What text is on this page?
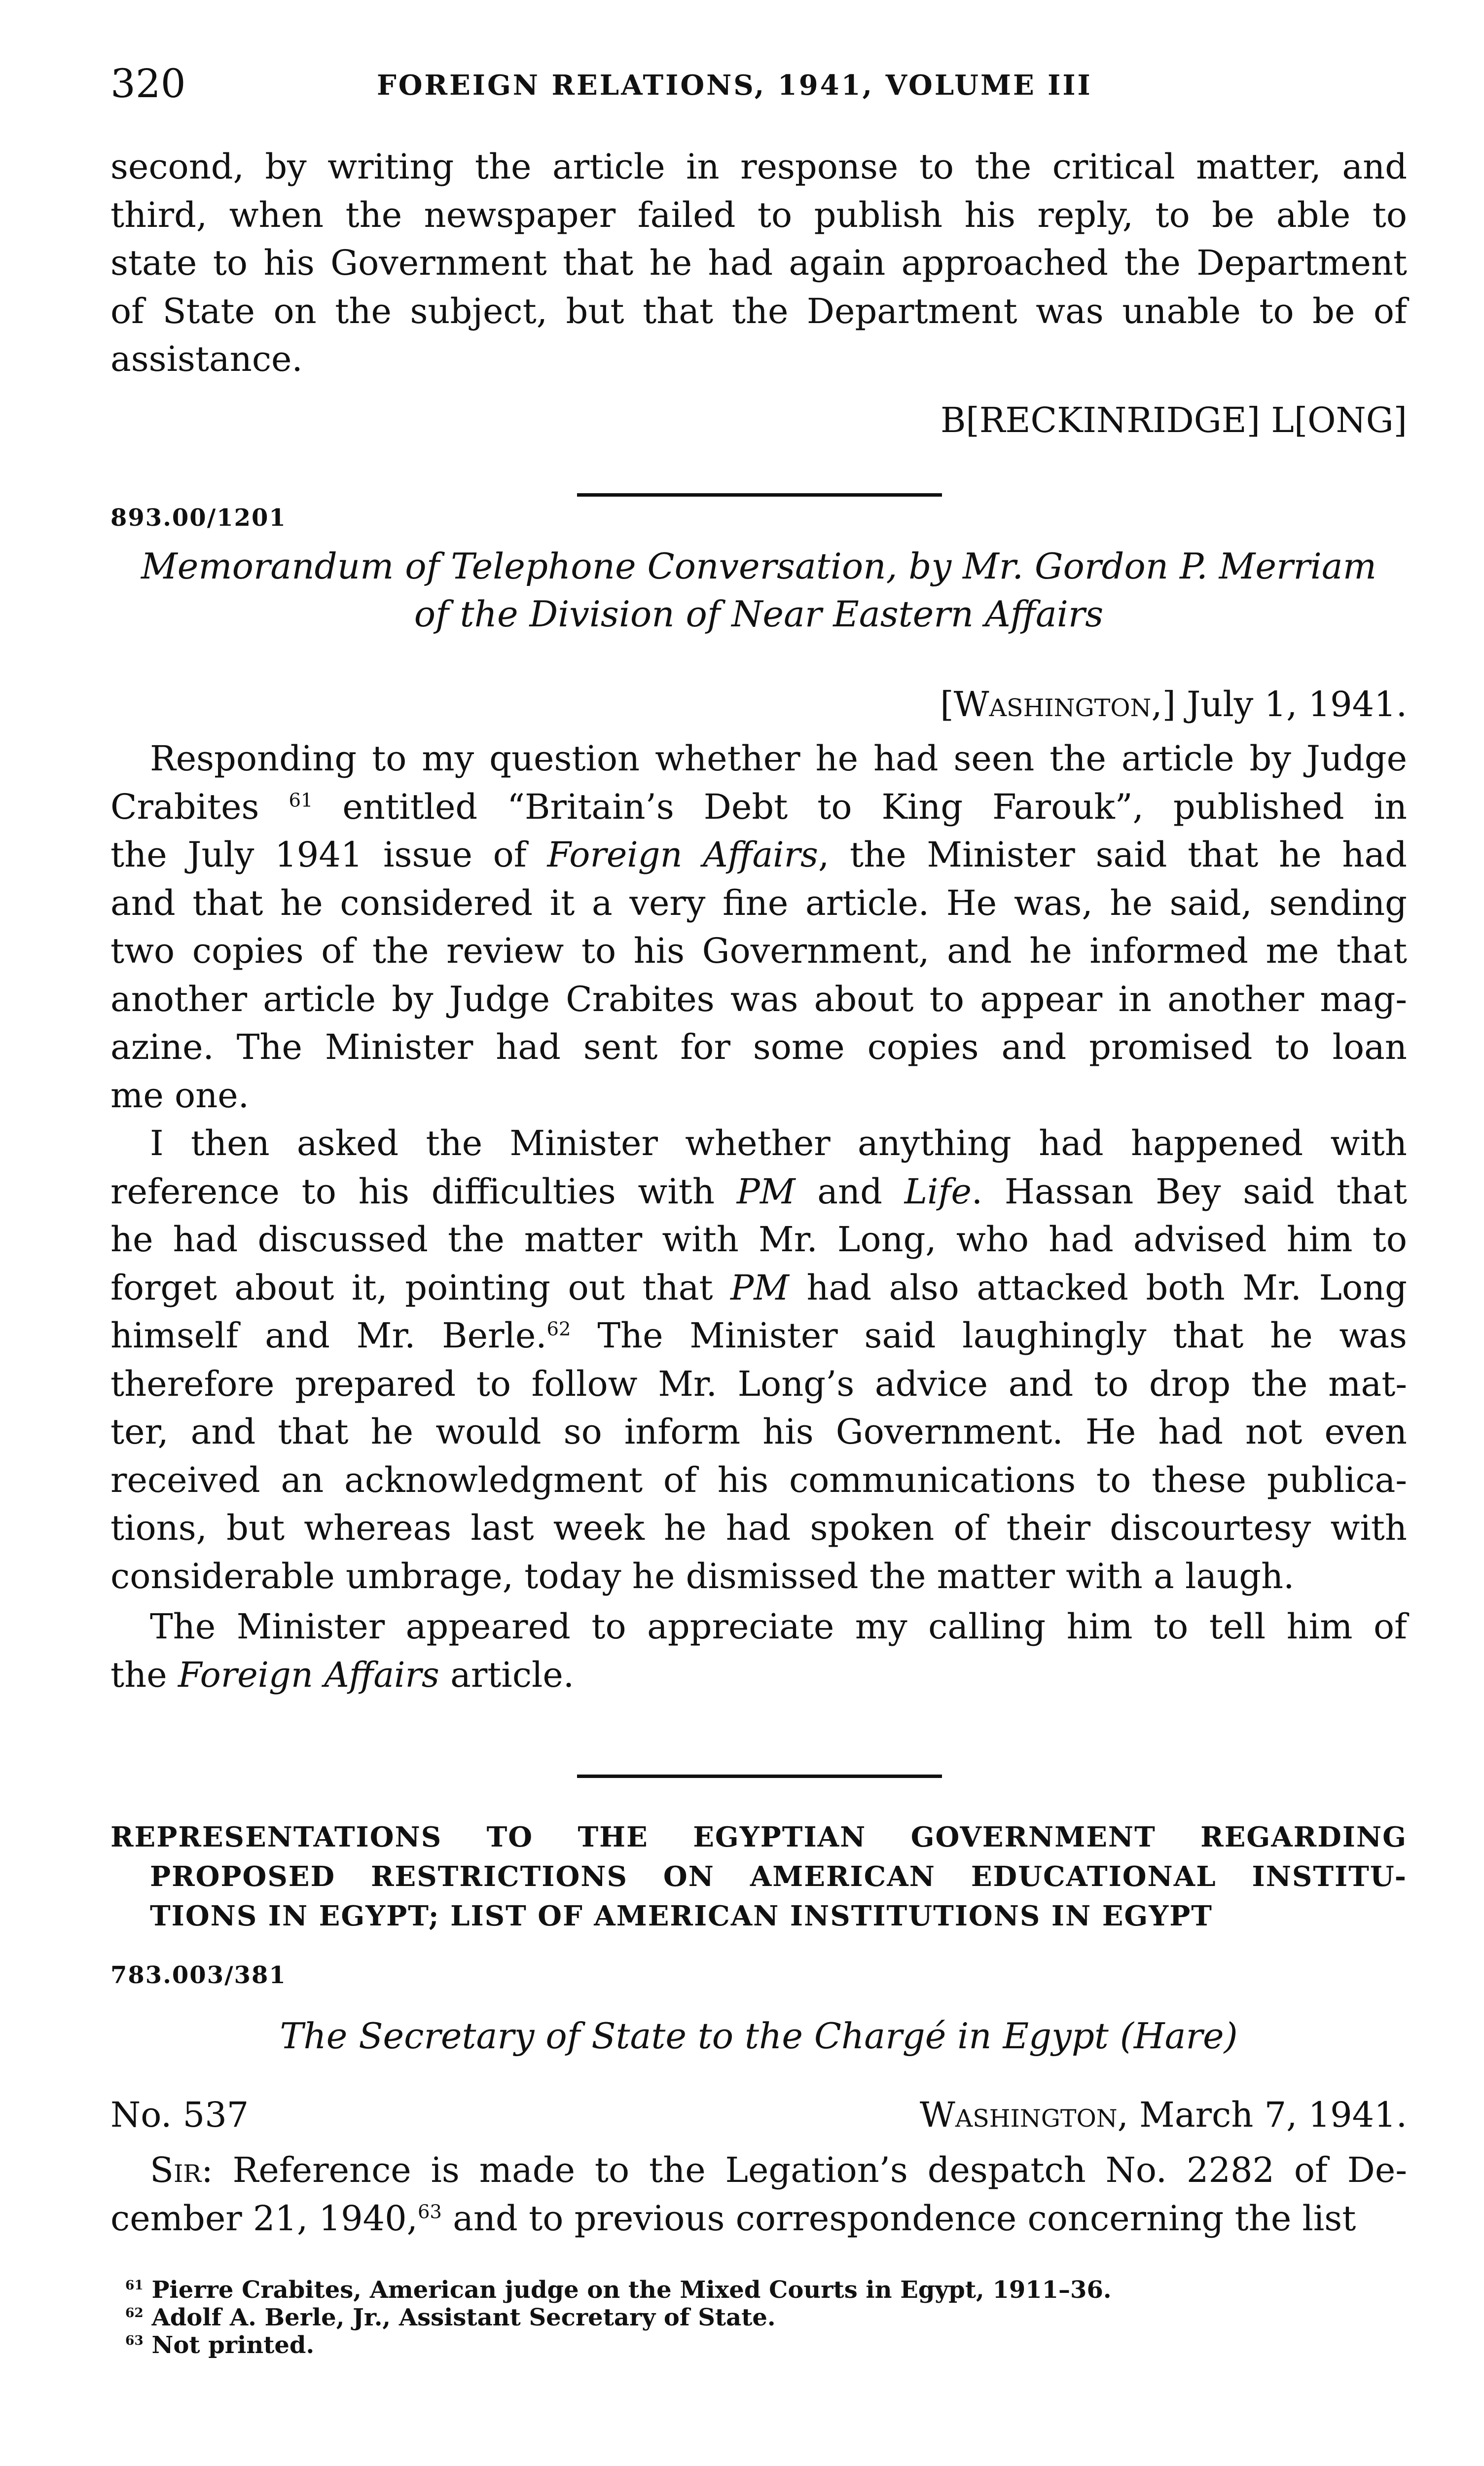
320	FOREIGN RELATIONS, 1941, VOLUME III
second, by writing the article in response to the critical matter, and
third, when the newspaper failed to publish his reply, to be able to
state to his Government that he had again approached the Department
of State on the subject, but that the Department was unable to be of
assistance.
B[RECKINRIDGE] L[ONG]
893.00/1201
Memorandum of Telephone Conversation, by Mr. Gordon P. Merriam
of the Division of Near Eastern Affairs
[Washington,] July 1, 1941.
Responding to my question whether he had seen the article by Judge
Crabites $^{61}$ entitled “Britain’s Debt to King Farouk”, published in
the July 1941 issue of Foreign Affairs, the Minister said that he had
and that he considered it a very fine article. He was, he said, sending
two copies of the review to his Government, and he informed me that
another article by Judge Crabites was about to appear in another mag-
azine. The Minister had sent for some copies and promised to loan
me one.
I then asked the Minister whether anything had happened with
reference to his difficulties with PM and Life. Hassan Bey said that
he had discussed the matter with Mr. Long, who had advised him to
forget about it, pointing out that PM had also attacked both Mr. Long
himself and Mr. Berle.$^{62}$ The Minister said laughingly that he was
therefore prepared to follow Mr. Long’s advice and to drop the mat-
ter, and that he would so inform his Government. He had not even
received an acknowledgment of his communications to these publica-
tions, but whereas last week he had spoken of their discourtesy with
considerable umbrage, today he dismissed the matter with a laugh.
The Minister appeared to appreciate my calling him to tell him of
the Foreign Affairs article.
REPRESENTATIONS TO THE EGYPTIAN GOVERNMENT REGARDING
PROPOSED RESTRICTIONS ON AMERICAN EDUCATIONAL INSTITU-
TIONS IN EGYPT; LIST OF AMERICAN INSTITUTIONS IN EGYPT
783.003/381
The Secretary of State to the Chargé in Egypt (Hare)
No. 537	Washington, March 7, 1941.
Sir: Reference is made to the Legation’s despatch No. 2282 of De-
cember 21, 1940,63 and to previous correspondence concerning the list
$^{61}$ Pierre Crabites, American judge on the Mixed Courts in Egypt, 1911–36.
$^{62}$ Adolf A. Berle, Jr., Assistant Secretary of State.
$^{63}$ Not printed.
